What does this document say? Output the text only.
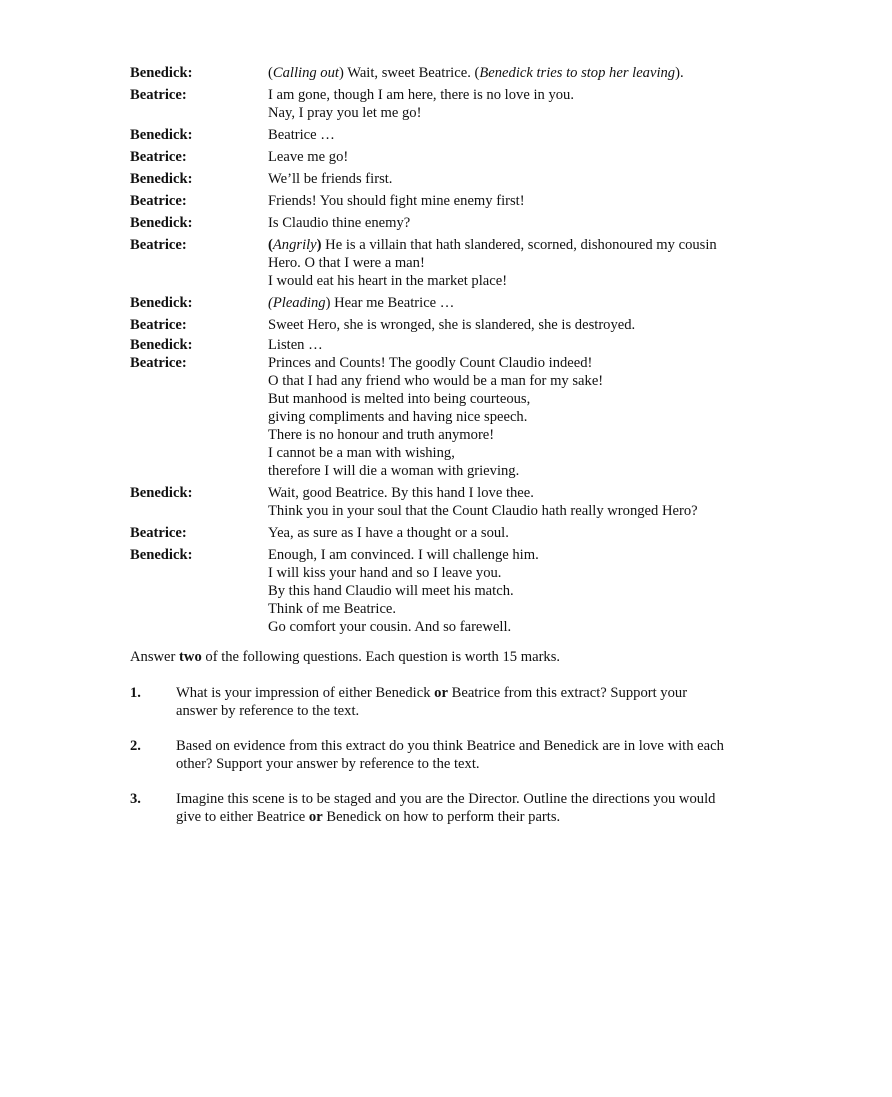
Benedick:	(Calling out) Wait, sweet Beatrice. (Benedick tries to stop her leaving).
Beatrice:	I am gone, though I am here, there is no love in you.
Nay, I pray you let me go!
Benedick:	Beatrice …
Beatrice:	Leave me go!
Benedick:	We’ll be friends first.
Beatrice:	Friends! You should fight mine enemy first!
Benedick:	Is Claudio thine enemy?
Beatrice:	(Angrily) He is a villain that hath slandered, scorned, dishonoured my cousin
Hero. O that I were a man!
I would eat his heart in the market place!
Benedick:	(Pleading) Hear me Beatrice …
Beatrice:	Sweet Hero, she is wronged, she is slandered, she is destroyed.
Benedick:	Listen …
Beatrice:	Princes and Counts! The goodly Count Claudio indeed!
O that I had any friend who would be a man for my sake!
But manhood is melted into being courteous,
giving compliments and having nice speech.
There is no honour and truth anymore!
I cannot be a man with wishing,
therefore I will die a woman with grieving.
Benedick:	Wait, good Beatrice. By this hand I love thee.
Think you in your soul that the Count Claudio hath really wronged Hero?
Beatrice:	Yea, as sure as I have a thought or a soul.
Benedick:	Enough, I am convinced. I will challenge him.
I will kiss your hand and so I leave you.
By this hand Claudio will meet his match.
Think of me Beatrice.
Go comfort your cousin. And so farewell.
Answer two of the following questions. Each question is worth 15 marks.
1.	What is your impression of either Benedick or Beatrice from this extract? Support your
answer by reference to the text.
2.	Based on evidence from this extract do you think Beatrice and Benedick are in love with each
other? Support your answer by reference to the text.
3.	Imagine this scene is to be staged and you are the Director. Outline the directions you would
give to either Beatrice or Benedick on how to perform their parts.
